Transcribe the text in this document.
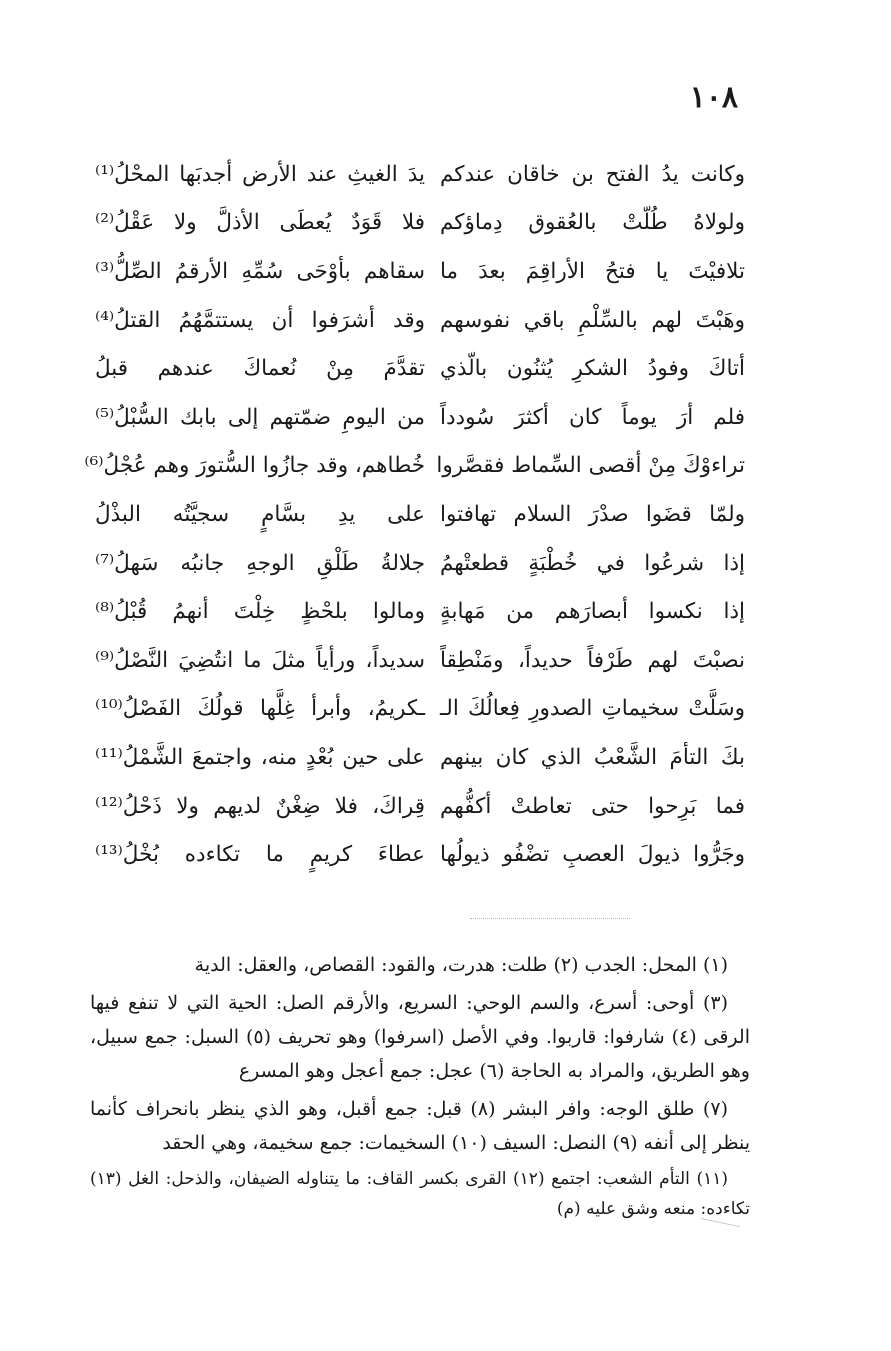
١٠٨
وكانت يدُ الفتح بن خاقان عندكم
يدَ الغيثِ عند الأرض أجدبَها المحْلُ⁽¹⁾
ولولاهُ طُلّتْ بالعُقوق دِماؤكم
فلا قَوَدٌ يُعطَى الأذلَّ ولا عَقْلُ⁽²⁾
تلافيْتَ يا فتحُ الأراقِمَ بعدَ ما
سقاهم بأوْحَى سُمِّهِ الأرقمُ الصِّلُّ⁽³⁾
وهَبْتَ لهم بالسِّلْمِ باقي نفوسهم
وقد أشرَفوا أن يستتمَّهُمُ القتلُ⁽⁴⁾
أتاكَ وفودُ الشكرِ يُثنُون بالّذي
تقدَّمَ مِنْ نُعماكَ عندهم قبلُ
فلم أرَ يوماً كان أكثرَ سُودداً
من اليومِ ضمّتهم إلى بابك السُّبْلُ⁽⁵⁾
تراءوْكَ مِنْ أقصى السِّماط فقصَّروا
خُطاهم، وقد جازُوا السُّتورَ وهم عُجْلُ⁽⁶⁾
ولمّا قضَوا صدْرَ السلام تهافتوا
على يدِ بسَّامٍ سجيَّتُه البذْلُ
إذا شرعُوا في خُطْبَةٍ قطعتْهمُ
جلالةُ طَلْقِ الوجهِ جانبُه سَهلُ⁽⁷⁾
إذا نكسوا أبصارَهم من مَهابةٍ
ومالوا بلحْظٍ خِلْتَ أنهمُ قُبْلُ⁽⁸⁾
نصبْتَ لهم طَرْفاً حديداً، ومَنْطِقاً
سديداً، ورأياً مثلَ ما انتُضِيَ النَّصْلُ⁽⁹⁾
وسَلَّتْ سخيماتِ الصدورِ فِعالُكَ الـ
ـكريمُ، وأبرأ غِلَّها قولُكَ الفَصْلُ⁽¹⁰⁾
بكَ التأمَ الشَّعْبُ الذي كان بينهم
على حين بُعْدٍ منه، واجتمعَ الشَّمْلُ⁽¹¹⁾
فما بَرِحوا حتى تعاطتْ أكفُّهم
قِراكَ، فلا ضِغْنٌ لديهم ولا ذَحْلُ⁽¹²⁾
وجَرُّوا ذيولَ العصبِ تضْفُو ذيولُها
عطاءَ كريمٍ ما تكاءده بُخْلُ⁽¹³⁾

(١) المحل: الجدب (٢) طلت: هدرت، والقود: القصاص، والعقل: الدية

(٣) أوحى: أسرع، والسم الوحي: السريع، والأرقم الصل: الحية التي لا تنفع فيها الرقى (٤) شارفوا: قاربوا. وفي الأصل (اسرفوا) وهو تحريف (٥) السبل: جمع سبيل، وهو الطريق، والمراد به الحاجة (٦) عجل: جمع أعجل وهو المسرع

(٧) طلق الوجه: وافر البشر (٨) قبل: جمع أقبل، وهو الذي ينظر بانحراف كأنما ينظر إلى أنفه (٩) النصل: السيف (١٠) السخيمات: جمع سخيمة، وهي الحقد

(١١) التأم الشعب: اجتمع (١٢) القرى بكسر القاف: ما يتناوله الضيفان، والذحل: الغل (١٣) تكاءده: منعه وشق عليه (م)
